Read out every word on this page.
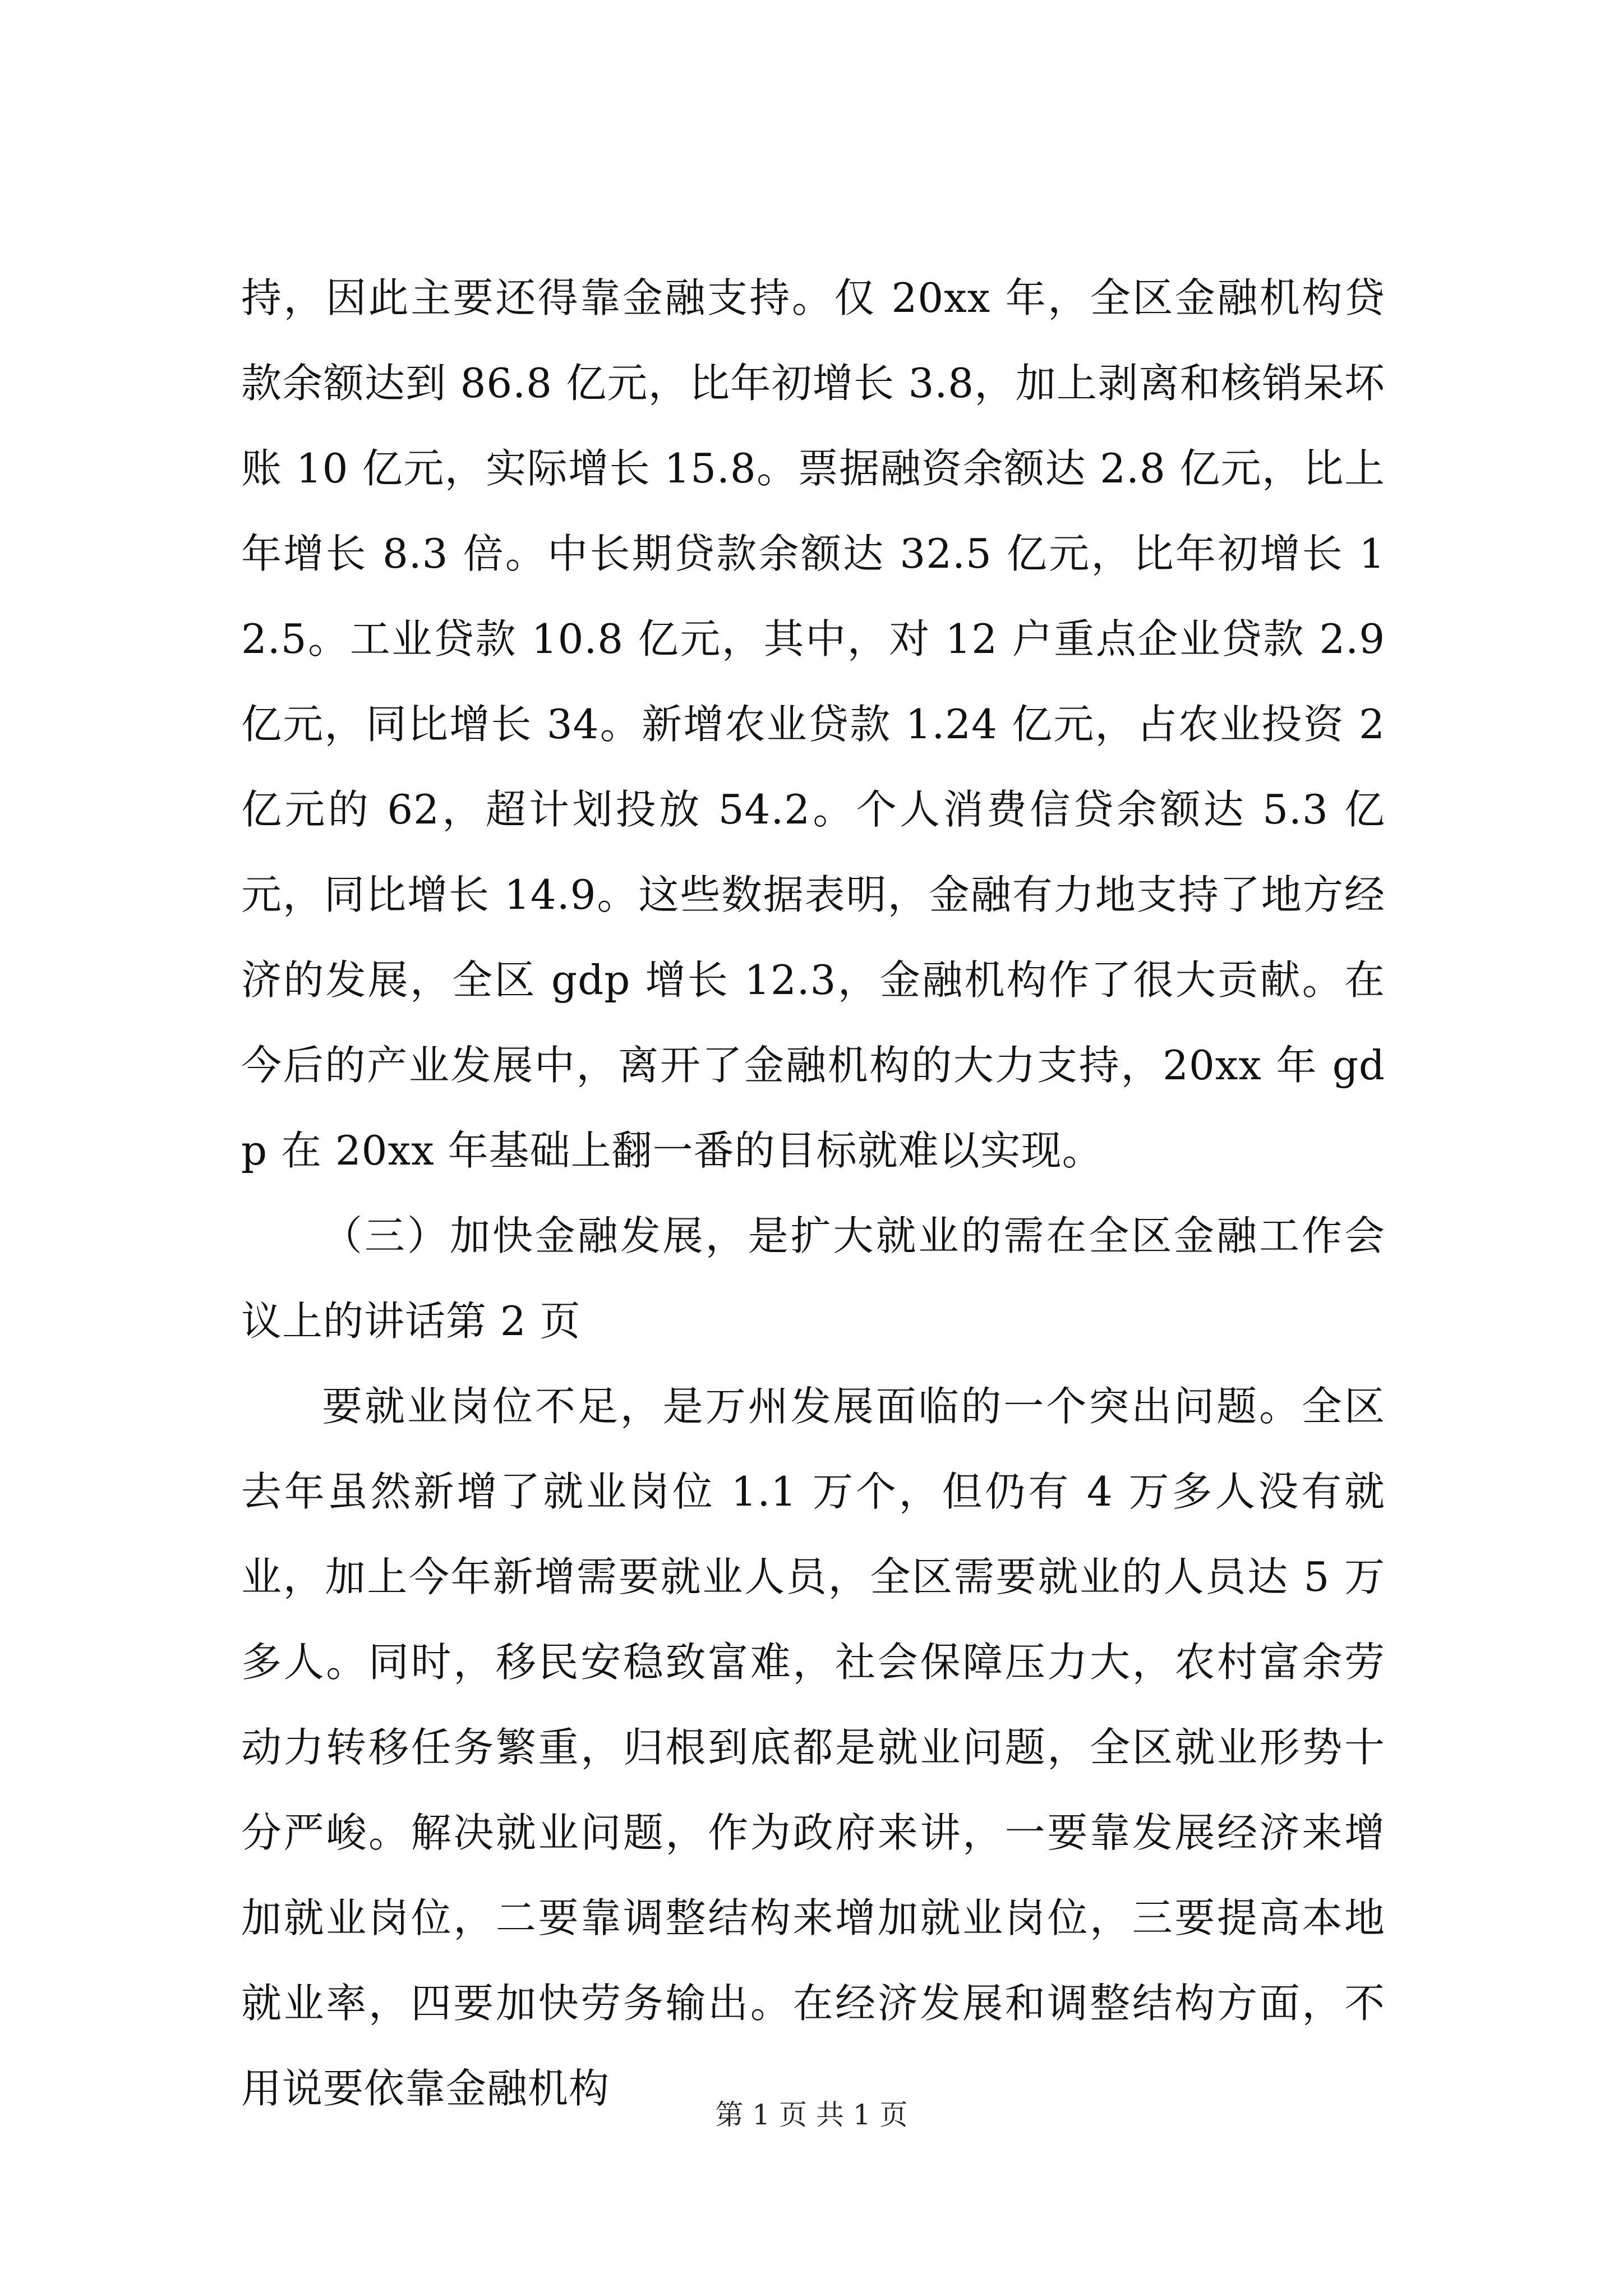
持，因此主要还得靠金融支持。仅 20xx 年，全区金融机构贷款余额达到 86.8 亿元，比年初增长 3.8，加上剥离和核销呆坏账 10 亿元，实际增长 15.8。票据融资余额达 2.8 亿元，比上年增长 8.3 倍。中长期贷款余额达 32.5 亿元，比年初增长 12.5。工业贷款 10.8 亿元，其中，对 12 户重点企业贷款 2.9 亿元，同比增长 34。新增农业贷款 1.24 亿元，占农业投资 2 亿元的 62，超计划投放 54.2。个人消费信贷余额达 5.3 亿元，同比增长 14.9。这些数据表明，金融有力地支持了地方经济的发展，全区 gdp 增长 12.3，金融机构作了很大贡献。在今后的产业发展中，离开了金融机构的大力支持，20xx 年 gdp 在 20xx 年基础上翻一番的目标就难以实现。

（三）加快金融发展，是扩大就业的需在全区金融工作会议上的讲话第 2 页

要就业岗位不足，是万州发展面临的一个突出问题。全区去年虽然新增了就业岗位 1.1 万个，但仍有 4 万多人没有就业，加上今年新增需要就业人员，全区需要就业的人员达 5 万多人。同时，移民安稳致富难，社会保障压力大，农村富余劳动力转移任务繁重，归根到底都是就业问题，全区就业形势十分严峻。解决就业问题，作为政府来讲，一要靠发展经济来增加就业岗位，二要靠调整结构来增加就业岗位，三要提高本地就业率，四要加快劳务输出。在经济发展和调整结构方面，不用说要依靠金融机构

第 1 页 共 1 页
